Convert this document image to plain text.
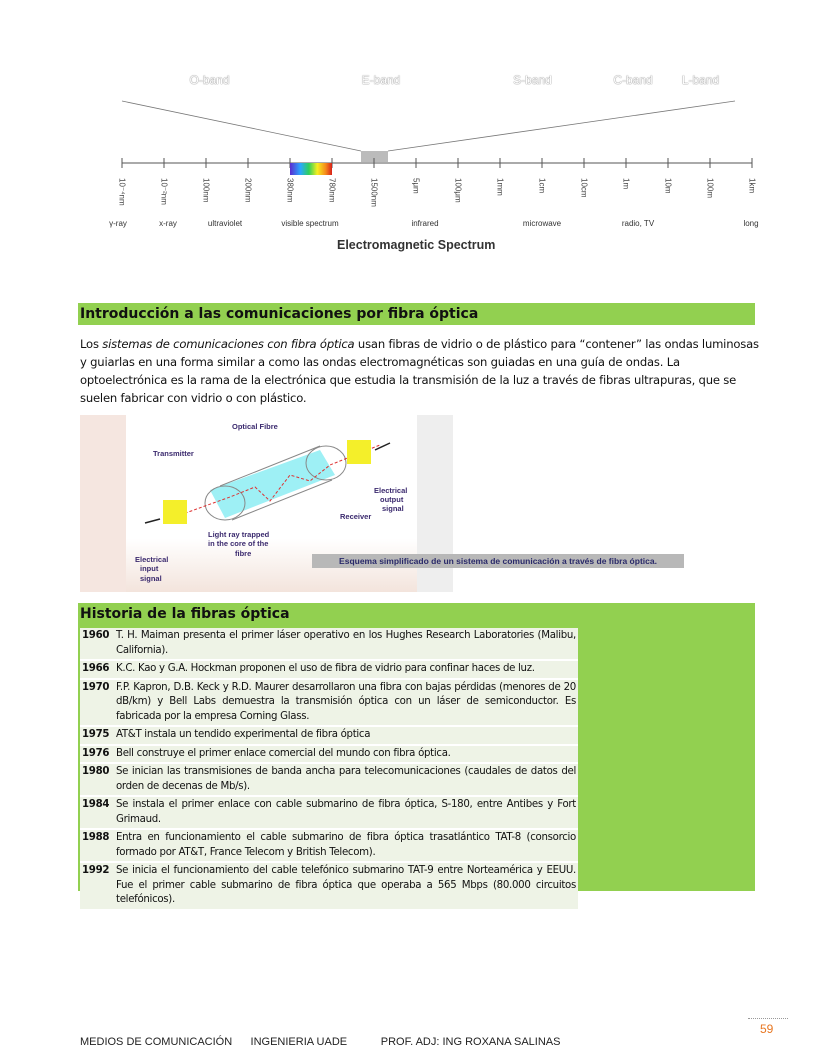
O-band	E-band	S-band	C-band	L-band
10⁻⁴nm	10⁻²nm	100nm	200nm	380nm	780nm	1500nm	5μm	100μm	1mm	1cm	10cm	1m	10m	100m	1km
γ-ray	x-ray	ultraviolet	visible spectrum	infrared	microwave	radio, TV	long
Electromagnetic Spectrum
Introducción a las comunicaciones por fibra óptica
Los sistemas de comunicaciones con fibra óptica usan fibras de vidrio o de plástico para “contener” las ondas luminosas y guiarlas en una forma similar a como las ondas electromagnéticas son guiadas en una guía de ondas. La optoelectrónica es la rama de la electrónica que estudia la transmisión de la luz a través de fibras ultrapuras, que se suelen fabricar con vidrio o con plástico.
Optical Fibre
Transmitter
Receiver
Electrical
output
signal
Electrical
input
signal
Light ray trapped
in the core of the
fibre
Esquema simplificado de un sistema de comunicación a través de fibra óptica.
Historia de la fibras óptica
1960	T. H. Maiman presenta el primer láser operativo en los Hughes Research Laboratories (Malibu, California).
1966	K.C. Kao y G.A. Hockman proponen el uso de fibra de vidrio para confinar haces de luz.
1970	F.P. Kapron, D.B. Keck y R.D. Maurer desarrollaron una fibra con bajas pérdidas (menores de 20 dB/km) y Bell Labs demuestra la transmisión óptica con un láser de semiconductor. Es fabricada por la empresa Corning Glass.
1975	AT&T instala un tendido experimental de fibra óptica
1976	Bell construye el primer enlace comercial del mundo con fibra óptica.
1980	Se inician las transmisiones de banda ancha para telecomunicaciones (caudales de datos del orden de decenas de Mb/s).
1984	Se instala el primer enlace con cable submarino de fibra óptica, S-180, entre Antibes y Fort Grimaud.
1988	Entra en funcionamiento el cable submarino de fibra óptica trasatlántico TAT-8 (consorcio formado por AT&T, France Telecom y British Telecom).
1992	Se inicia el funcionamiento del cable telefónico submarino TAT-9 entre Norteamérica y EEUU. Fue el primer cable submarino de fibra óptica que operaba a 565 Mbps (80.000 circuitos telefónicos).
59
MEDIOS DE COMUNICACIÓN INGENIERIA UADE	PROF. ADJ: ING ROXANA SALINAS
